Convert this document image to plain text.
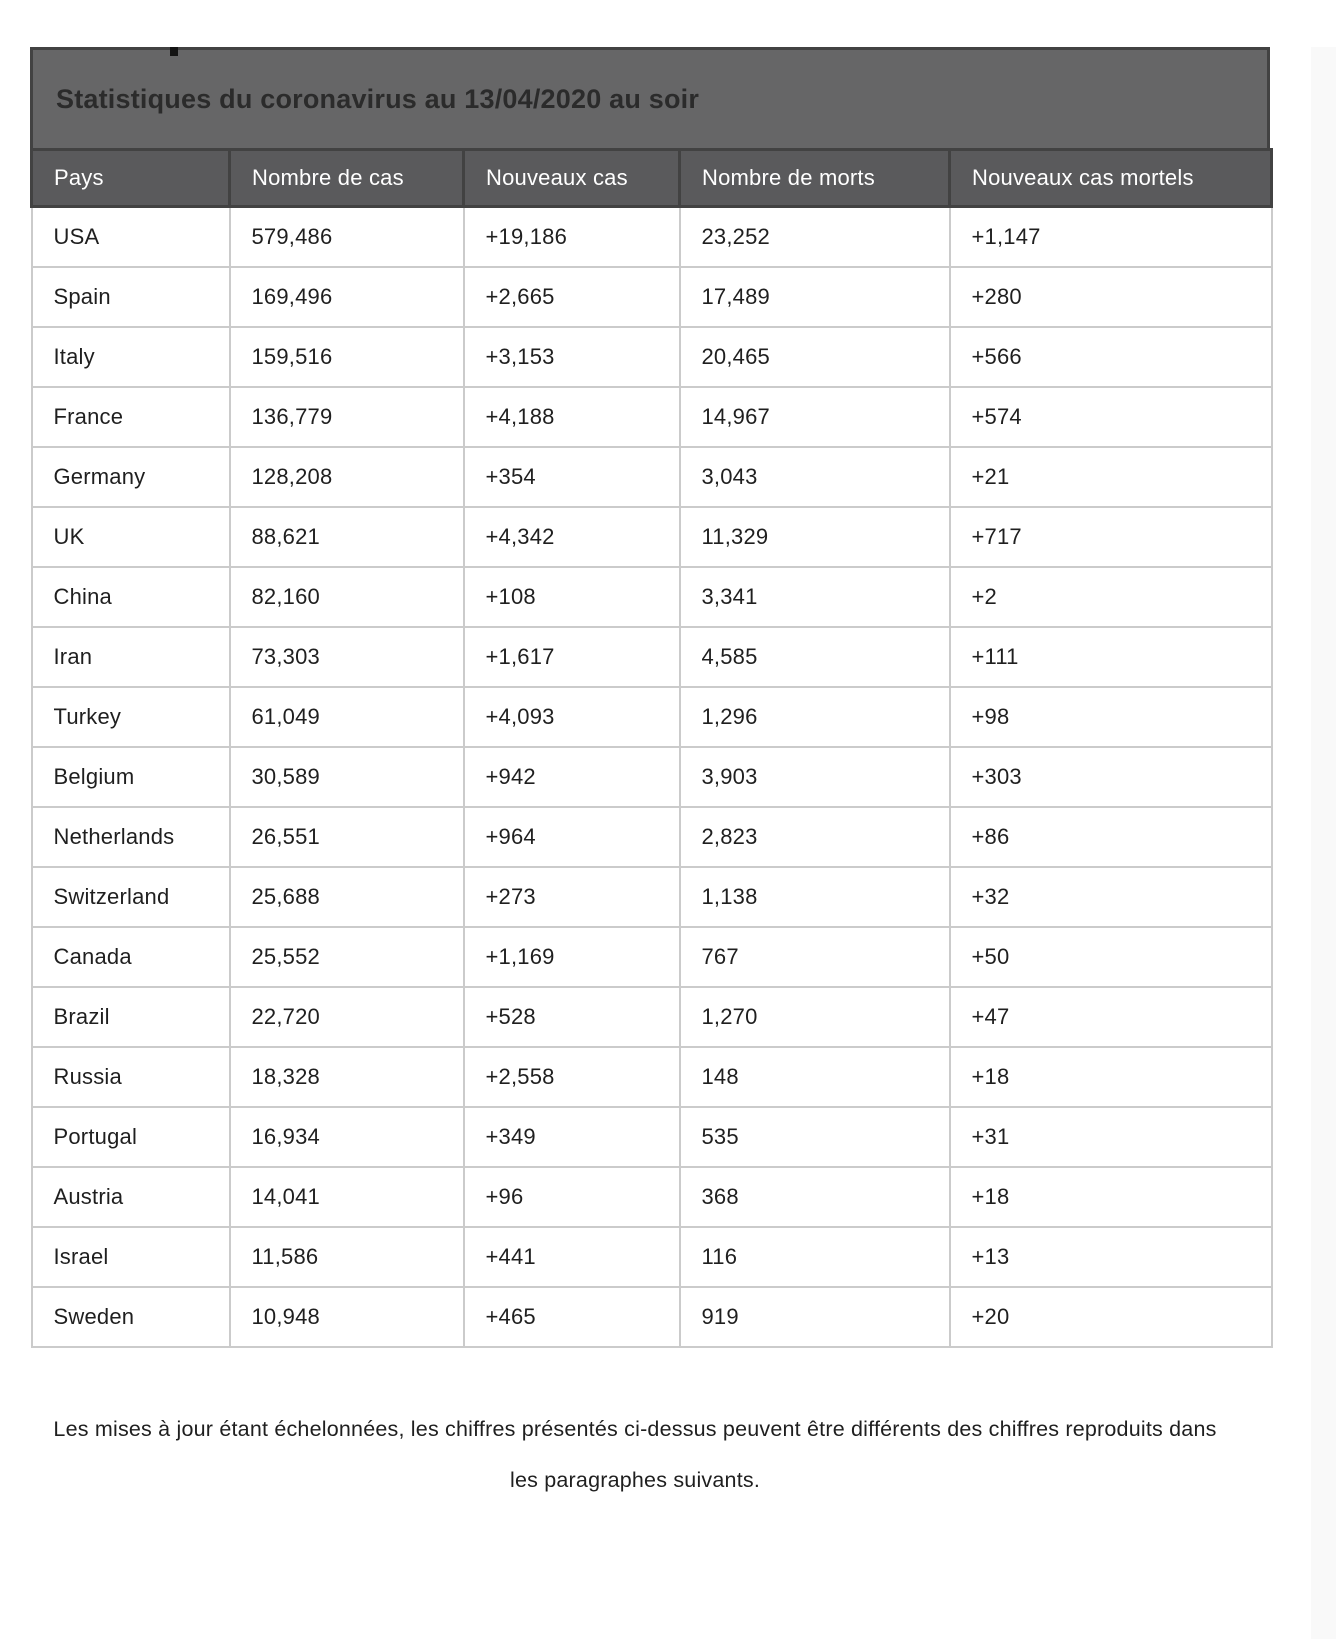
Statistiques du coronavirus au 13/04/2020 au soir
Pays	Nombre de cas	Nouveaux cas	Nombre de morts	Nouveaux cas mortels
USA	579,486	+19,186	23,252	+1,147
Spain	169,496	+2,665	17,489	+280
Italy	159,516	+3,153	20,465	+566
France	136,779	+4,188	14,967	+574
Germany	128,208	+354	3,043	+21
UK	88,621	+4,342	11,329	+717
China	82,160	+108	3,341	+2
Iran	73,303	+1,617	4,585	+111
Turkey	61,049	+4,093	1,296	+98
Belgium	30,589	+942	3,903	+303
Netherlands	26,551	+964	2,823	+86
Switzerland	25,688	+273	1,138	+32
Canada	25,552	+1,169	767	+50
Brazil	22,720	+528	1,270	+47
Russia	18,328	+2,558	148	+18
Portugal	16,934	+349	535	+31
Austria	14,041	+96	368	+18
Israel	11,586	+441	116	+13
Sweden	10,948	+465	919	+20
Les mises à jour étant échelonnées, les chiffres présentés ci-dessus peuvent être différents des chiffres reproduits dans les paragraphes suivants.
